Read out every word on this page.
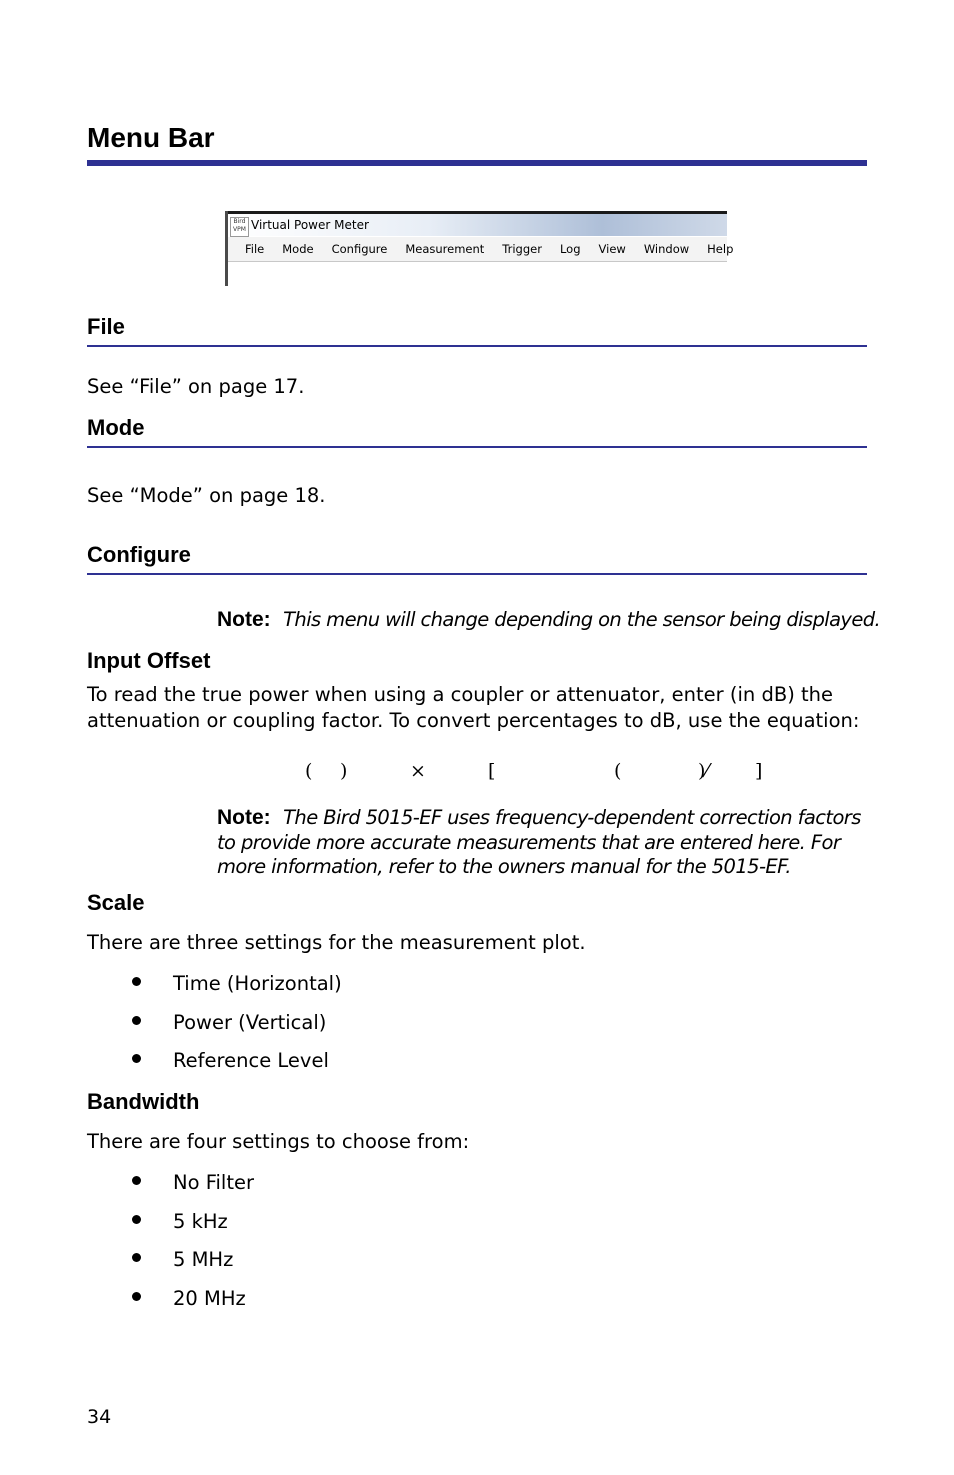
Menu Bar
Bird VPM Virtual Power Meter
File Mode Configure Measurement Trigger Log View Window Help
File
See “File” on page 17.
Mode
See “Mode” on page 18.
Configure
Note: This menu will change depending on the sensor being displayed.
Input Offset
To read the true power when using a coupler or attenuator, enter (in dB) the
attenuation or coupling factor. To convert percentages to dB, use the equation:
( )	×	[	(	)⁄ ]
Note: The Bird 5015-EF uses frequency-dependent correction factors
to provide more accurate measurements that are entered here. For
more information, refer to the owners manual for the 5015-EF.
Scale
There are three settings for the measurement plot.
Time (Horizontal)
Power (Vertical)
Reference Level
Bandwidth
There are four settings to choose from:
No Filter
5 kHz
5 MHz
20 MHz
34
